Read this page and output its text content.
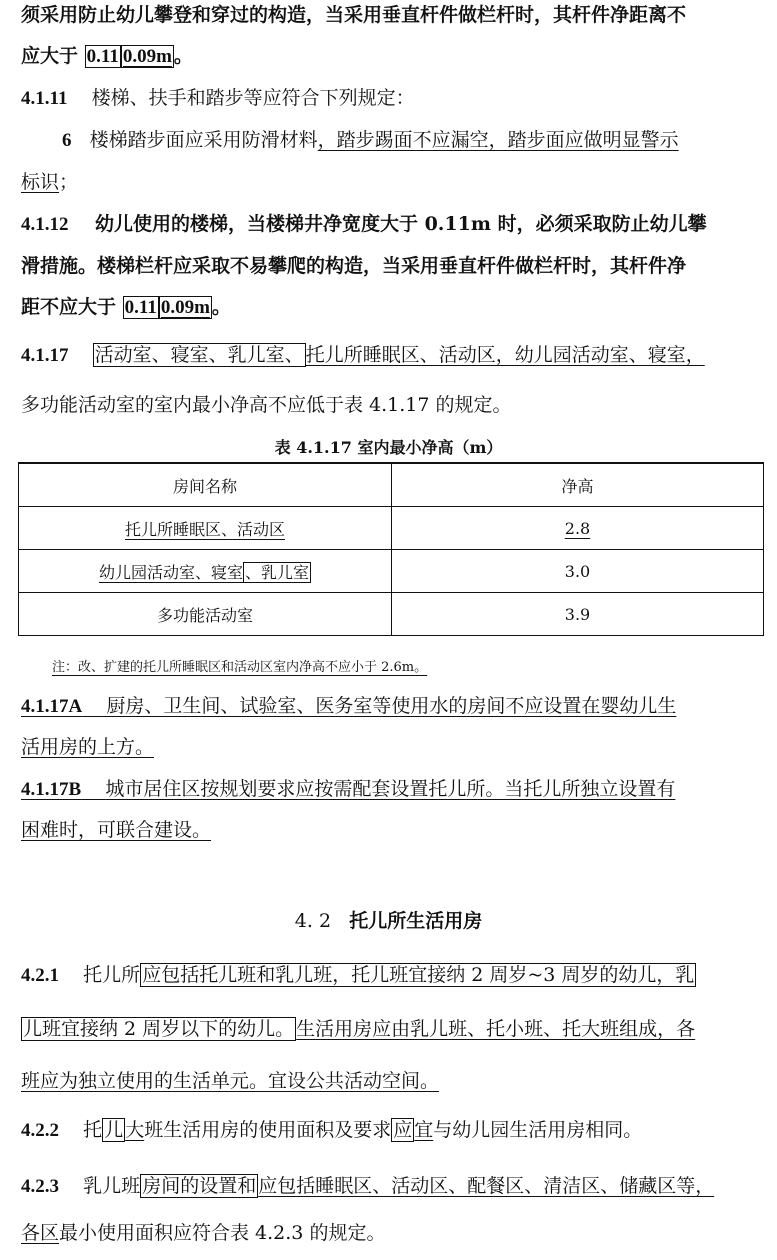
须采用防止幼儿攀登和穿过的构造，当采用垂直杆件做栏杆时，其杆件净距离不
应大于 0.11 0.09m 。
4.1.11 楼梯、扶手和踏步等应符合下列规定：
6 楼梯踏步面应采用防滑材料，踏步踢面不应漏空，踏步面应做明显警示
标识；
4.1.12 幼儿使用的楼梯，当楼梯井净宽度大于 0.11m 时，必须采取防止幼儿攀
滑措施。楼梯栏杆应采取不易攀爬的构造，当采用垂直杆件做栏杆时，其杆件净
距不应大于 0.11 0.09m 。
4.1.17 活动室、寝室、乳儿室、 托儿所睡眠区、活动区，幼儿园活动室、寝室，
多功能活动室的室内最小净高不应低于表 4.1.17 的规定。
表 4.1.17 室内最小净高（m）
房间名称	净高
托儿所睡眠区、活动区	2.8
幼儿园活动室、寝室 、乳儿室	3.0
多功能活动室	3.9
注：改、扩建的托儿所睡眠区和活动区室内净高不应小于 2.6m。
4.1.17A 厨房、卫生间、试验室、医务室等使用水的房间不应设置在婴幼儿生
活用房的上方。
4.1.17B 城市居住区按规划要求应按需配套设置托儿所。当托儿所独立设置有
困难时，可联合建设。
4. 2 托儿所生活用房
4.2.1 托儿所 应包括托儿班和乳儿班，托儿班宜接纳 2 周岁~3 周岁的幼儿，乳
儿班宜接纳 2 周岁以下的幼儿。 生活用房应由乳儿班、托小班、托大班组成，各
班应为独立使用的生活单元。宜设公共活动空间。
4.2.2 托 儿 大班生活用房的使用面积及要求 应 宜与幼儿园生活用房相同。
4.2.3 乳儿班 房间的设置和 应包括睡眠区、活动区、配餐区、清洁区、储藏区等，
各区最小使用面积应符合表 4.2.3 的规定。
